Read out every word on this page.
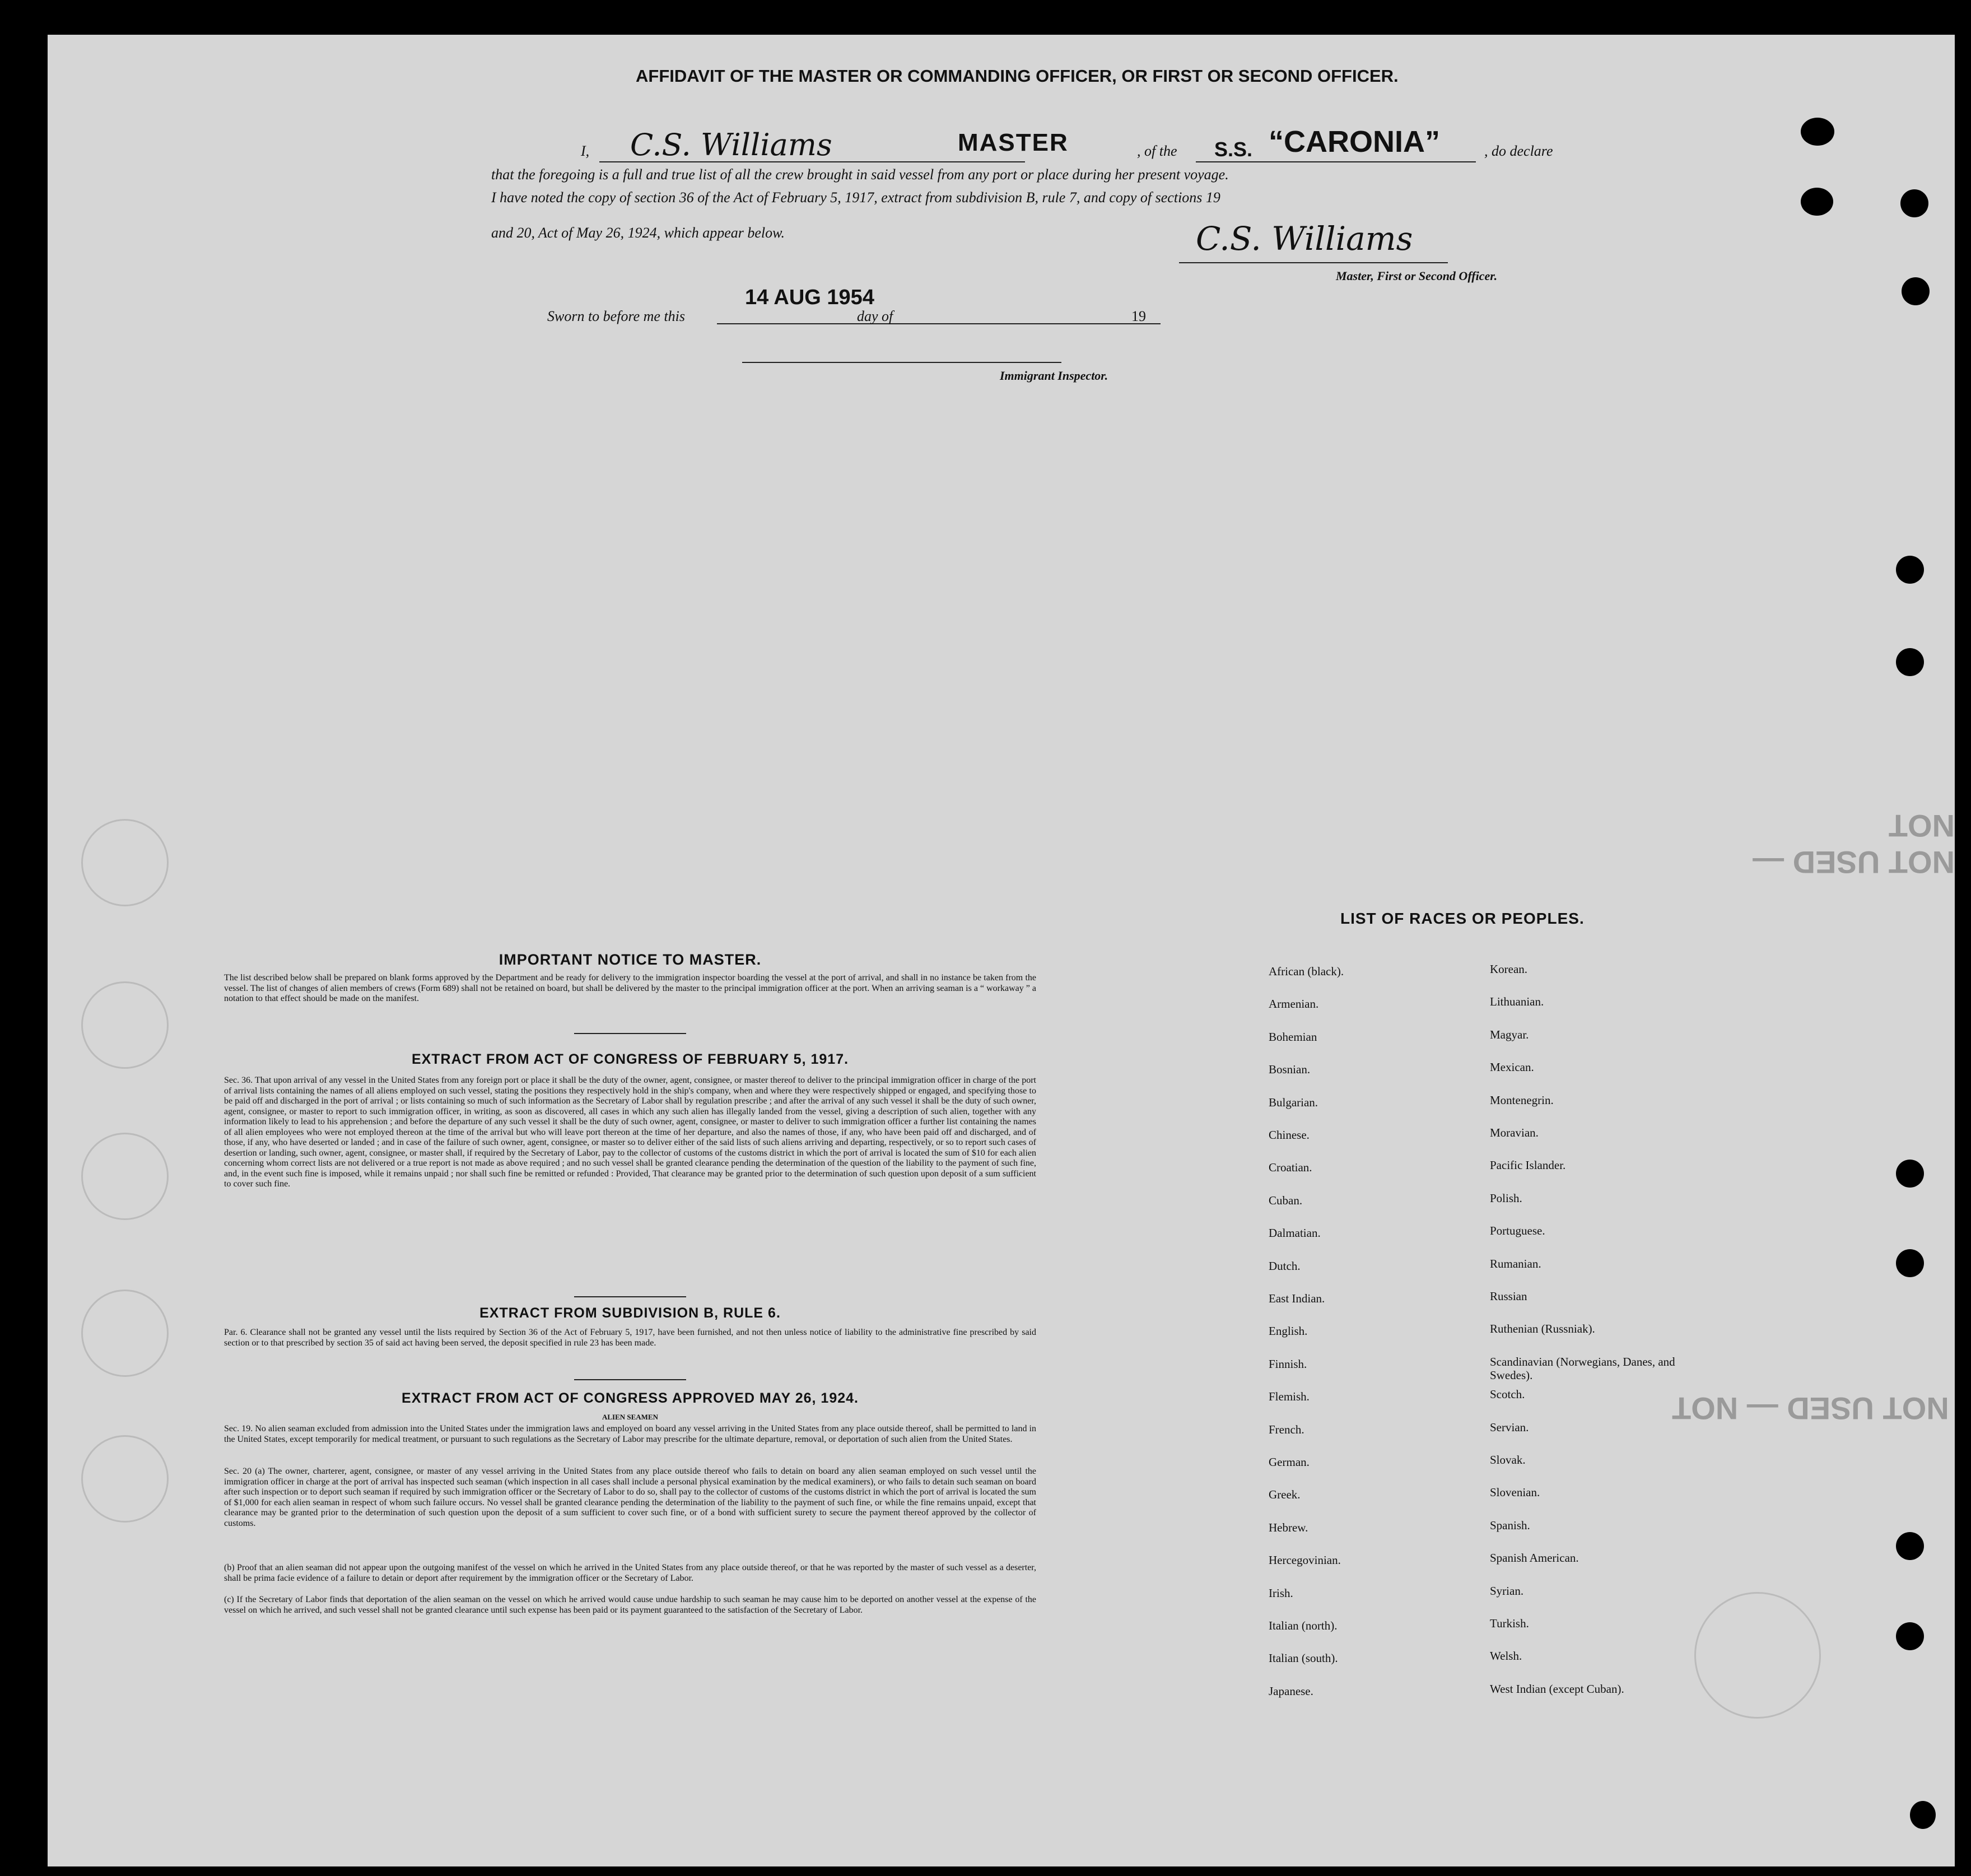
NOT USED — NOT
NOT USED — NOT
AFFIDAVIT OF THE MASTER OR COMMANDING OFFICER, OR FIRST OR SECOND OFFICER.
I, C.S. Williams	MASTER	, of the S.S. “CARONIA”	, do declare
that the foregoing is a full and true list of all the crew brought in said vessel from any port or place during her present voyage.
I have noted the copy of section 36 of the Act of February 5, 1917, extract from subdivision B, rule 7, and copy of sections 19
and 20, Act of May 26, 1924, which appear below.	C.S. Williams
Master, First or Second Officer.
Sworn to before me this
14 AUG 1954
day of	19
Immigrant Inspector.
IMPORTANT NOTICE TO MASTER.
The list described below shall be prepared on blank forms approved by the Department and be ready for delivery to the immigration inspector boarding the vessel at the port of arrival, and shall in no instance be taken from the vessel. The list of changes of alien members of crews (Form 689) shall not be retained on board, but shall be delivered by the master to the principal immigration officer at the port. When an arriving seaman is a “ workaway ” a notation to that effect should be made on the manifest.
EXTRACT FROM ACT OF CONGRESS OF FEBRUARY 5, 1917.
Sec. 36. That upon arrival of any vessel in the United States from any foreign port or place it shall be the duty of the owner, agent, consignee, or master thereof to deliver to the principal immigration officer in charge of the port of arrival lists containing the names of all aliens employed on such vessel, stating the positions they respectively hold in the ship's company, when and where they were respectively shipped or engaged, and specifying those to be paid off and discharged in the port of arrival ; or lists containing so much of such information as the Secretary of Labor shall by regulation prescribe ; and after the arrival of any such vessel it shall be the duty of such owner, agent, consignee, or master to report to such immigration officer, in writing, as soon as discovered, all cases in which any such alien has illegally landed from the vessel, giving a description of such alien, together with any information likely to lead to his apprehension ; and before the departure of any such vessel it shall be the duty of such owner, agent, consignee, or master to deliver to such immigration officer a further list containing the names of all alien employees who were not employed thereon at the time of the arrival but who will leave port thereon at the time of her departure, and also the names of those, if any, who have been paid off and discharged, and of those, if any, who have deserted or landed ; and in case of the failure of such owner, agent, consignee, or master so to deliver either of the said lists of such aliens arriving and departing, respectively, or so to report such cases of desertion or landing, such owner, agent, consignee, or master shall, if required by the Secretary of Labor, pay to the collector of customs of the customs district in which the port of arrival is located the sum of $10 for each alien concerning whom correct lists are not delivered or a true report is not made as above required ; and no such vessel shall be granted clearance pending the determination of the question of the liability to the payment of such fine, and, in the event such fine is imposed, while it remains unpaid ; nor shall such fine be remitted or refunded : Provided, That clearance may be granted prior to the determination of such question upon deposit of a sum sufficient to cover such fine.
EXTRACT FROM SUBDIVISION B, RULE 6.
Par. 6. Clearance shall not be granted any vessel until the lists required by Section 36 of the Act of February 5, 1917, have been furnished, and not then unless notice of liability to the administrative fine prescribed by said section or to that prescribed by section 35 of said act having been served, the deposit specified in rule 23 has been made.
EXTRACT FROM ACT OF CONGRESS APPROVED MAY 26, 1924.
ALIEN SEAMEN
Sec. 19. No alien seaman excluded from admission into the United States under the immigration laws and employed on board any vessel arriving in the United States from any place outside thereof, shall be permitted to land in the United States, except temporarily for medical treatment, or pursuant to such regulations as the Secretary of Labor may prescribe for the ultimate departure, removal, or deportation of such alien from the United States.
Sec. 20 (a) The owner, charterer, agent, consignee, or master of any vessel arriving in the United States from any place outside thereof who fails to detain on board any alien seaman employed on such vessel until the immigration officer in charge at the port of arrival has inspected such seaman (which inspection in all cases shall include a personal physical examination by the medical examiners), or who fails to detain such seaman on board after such inspection or to deport such seaman if required by such immigration officer or the Secretary of Labor to do so, shall pay to the collector of customs of the customs district in which the port of arrival is located the sum of $1,000 for each alien seaman in respect of whom such failure occurs. No vessel shall be granted clearance pending the determination of the liability to the payment of such fine, or while the fine remains unpaid, except that clearance may be granted prior to the determination of such question upon the deposit of a sum sufficient to cover such fine, or of a bond with sufficient surety to secure the payment thereof approved by the collector of customs.
(b) Proof that an alien seaman did not appear upon the outgoing manifest of the vessel on which he arrived in the United States from any place outside thereof, or that he was reported by the master of such vessel as a deserter, shall be prima facie evidence of a failure to detain or deport after requirement by the immigration officer or the Secretary of Labor.
(c) If the Secretary of Labor finds that deportation of the alien seaman on the vessel on which he arrived would cause undue hardship to such seaman he may cause him to be deported on another vessel at the expense of the vessel on which he arrived, and such vessel shall not be granted clearance until such expense has been paid or its payment guaranteed to the satisfaction of the Secretary of Labor.
LIST OF RACES OR PEOPLES.
African (black).
Armenian.
Bohemian
Bosnian.
Bulgarian.
Chinese.
Croatian.
Cuban.
Dalmatian.
Dutch.
East Indian.
English.
Finnish.
Flemish.
French.
German.
Greek.
Hebrew.
Hercegovinian.
Irish.
Italian (north).
Italian (south).
Japanese.
Korean.
Lithuanian.
Magyar.
Mexican.
Montenegrin.
Moravian.
Pacific Islander.
Polish.
Portuguese.
Rumanian.
Russian
Ruthenian (Russniak).
Scandinavian (Norwegians, Danes, and Swedes).
Scotch.
Servian.
Slovak.
Slovenian.
Spanish.
Spanish American.
Syrian.
Turkish.
Welsh.
West Indian (except Cuban).
